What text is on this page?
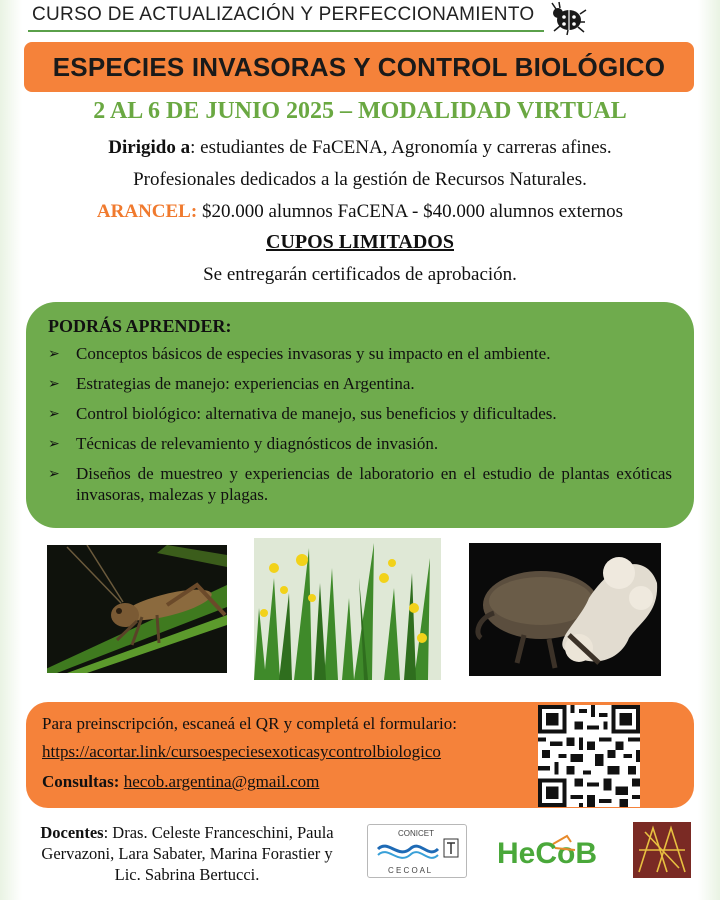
CURSO DE ACTUALIZACIÓN Y PERFECCIONAMIENTO
ESPECIES INVASORAS Y CONTROL BIOLÓGICO
2 AL 6 DE JUNIO 2025 – MODALIDAD VIRTUAL
Dirigido a: estudiantes de FaCENA, Agronomía y carreras afines.
Profesionales dedicados a la gestión de Recursos Naturales.
ARANCEL: $20.000 alumnos FaCENA - $40.000 alumnos externos
CUPOS LIMITADOS
Se entregarán certificados de aprobación.
PODRÁS APRENDER:
➢ Conceptos básicos de especies invasoras y su impacto en el ambiente.
➢ Estrategias de manejo: experiencias en Argentina.
➢ Control biológico: alternativa de manejo, sus beneficios y dificultades.
➢ Técnicas de relevamiento y diagnósticos de invasión.
➢ Diseños de muestreo y experiencias de laboratorio en el estudio de plantas exóticas invasoras, malezas y plagas.
Para preinscripción, escaneá el QR y completá el formulario:
https://acortar.link/cursoespeciesexoticasycontrolbiologico
Consultas: hecob.argentina@gmail.com
Docentes: Dras. Celeste Franceschini, Paula Gervazoni, Lara Sabater, Marina Forastier y Lic. Sabrina Bertucci.
CONICET
C E C O A L
HeCoB
